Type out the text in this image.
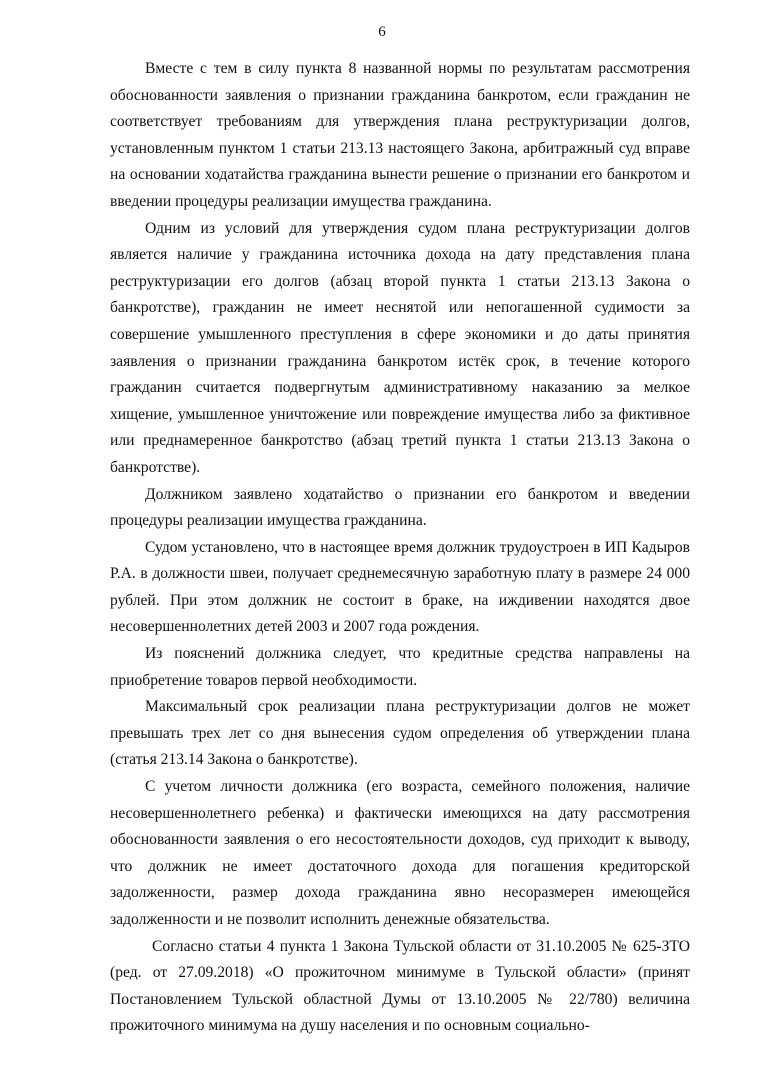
6

Вместе с тем в силу пункта 8 названной нормы по результатам рассмотрения обоснованности заявления о признании гражданина банкротом, если гражданин не соответствует требованиям для утверждения плана реструктуризации долгов, установленным пунктом 1 статьи 213.13 настоящего Закона, арбитражный суд вправе на основании ходатайства гражданина вынести решение о признании его банкротом и введении процедуры реализации имущества гражданина.

Одним из условий для утверждения судом плана реструктуризации долгов является наличие у гражданина источника дохода на дату представления плана реструктуризации его долгов (абзац второй пункта 1 статьи 213.13 Закона о банкротстве), гражданин не имеет неснятой или непогашенной судимости за совершение умышленного преступления в сфере экономики и до даты принятия заявления о признании гражданина банкротом истёк срок, в течение которого гражданин считается подвергнутым административному наказанию за мелкое хищение, умышленное уничтожение или повреждение имущества либо за фиктивное или преднамеренное банкротство (абзац третий пункта 1 статьи 213.13 Закона о банкротстве).

Должником заявлено ходатайство о признании его банкротом и введении процедуры реализации имущества гражданина.

Судом установлено, что в настоящее время должник трудоустроен в ИП Кадыров Р.А. в должности швеи, получает среднемесячную заработную плату в размере 24 000 рублей. При этом должник не состоит в браке, на иждивении находятся двое несовершеннолетних детей 2003 и 2007 года рождения.

Из пояснений должника следует, что кредитные средства направлены на приобретение товаров первой необходимости.

Максимальный срок реализации плана реструктуризации долгов не может превышать трех лет со дня вынесения судом определения об утверждении плана (статья 213.14 Закона о банкротстве).

С учетом личности должника (его возраста, семейного положения, наличие несовершеннолетнего ребенка) и фактически имеющихся на дату рассмотрения обоснованности заявления о его несостоятельности доходов, суд приходит к выводу, что должник не имеет достаточного дохода для погашения кредиторской задолженности, размер дохода гражданина явно несоразмерен имеющейся задолженности и не позволит исполнить денежные обязательства.

Согласно статьи 4 пункта 1 Закона Тульской области от 31.10.2005 № 625-ЗТО (ред. от 27.09.2018) «О прожиточном минимуме в Тульской области» (принят Постановлением Тульской областной Думы от 13.10.2005 № 22/780) величина прожиточного минимума на душу населения и по основным социально-
